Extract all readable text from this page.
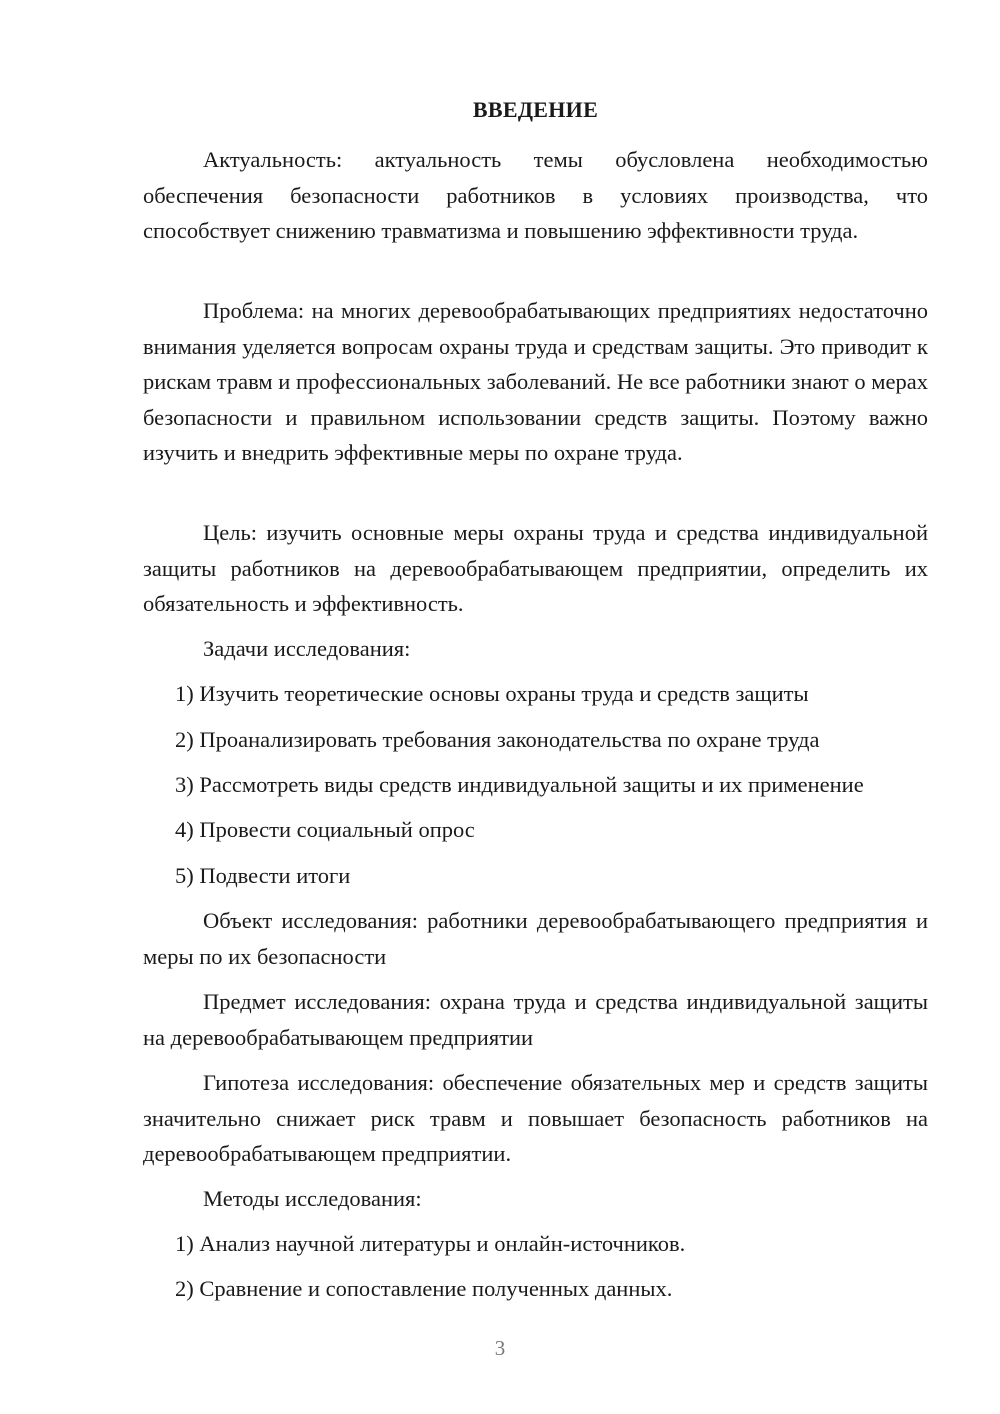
ВВЕДЕНИЕ

Актуальность: актуальность темы обусловлена необходимостью обеспечения безопасности работников в условиях производства, что способствует снижению травматизма и повышению эффективности труда.

Проблема: на многих деревообрабатывающих предприятиях недостаточно внимания уделяется вопросам охраны труда и средствам защиты. Это приводит к рискам травм и профессиональных заболеваний. Не все работники знают о мерах безопасности и правильном использовании средств защиты. Поэтому важно изучить и внедрить эффективные меры по охране труда.

Цель: изучить основные меры охраны труда и средства индивидуальной защиты работников на деревообрабатывающем предприятии, определить их обязательность и эффективность.

Задачи исследования:
1) Изучить теоретические основы охраны труда и средств защиты
2) Проанализировать требования законодательства по охране труда
3) Рассмотреть виды средств индивидуальной защиты и их применение
4) Провести социальный опрос
5) Подвести итоги

Объект исследования: работники деревообрабатывающего предприятия и меры по их безопасности

Предмет исследования: охрана труда и средства индивидуальной защиты на деревообрабатывающем предприятии

Гипотеза исследования: обеспечение обязательных мер и средств защиты значительно снижает риск травм и повышает безопасность работников на деревообрабатывающем предприятии.

Методы исследования:
1) Анализ научной литературы и онлайн-источников.
2) Сравнение и сопоставление полученных данных.
3
